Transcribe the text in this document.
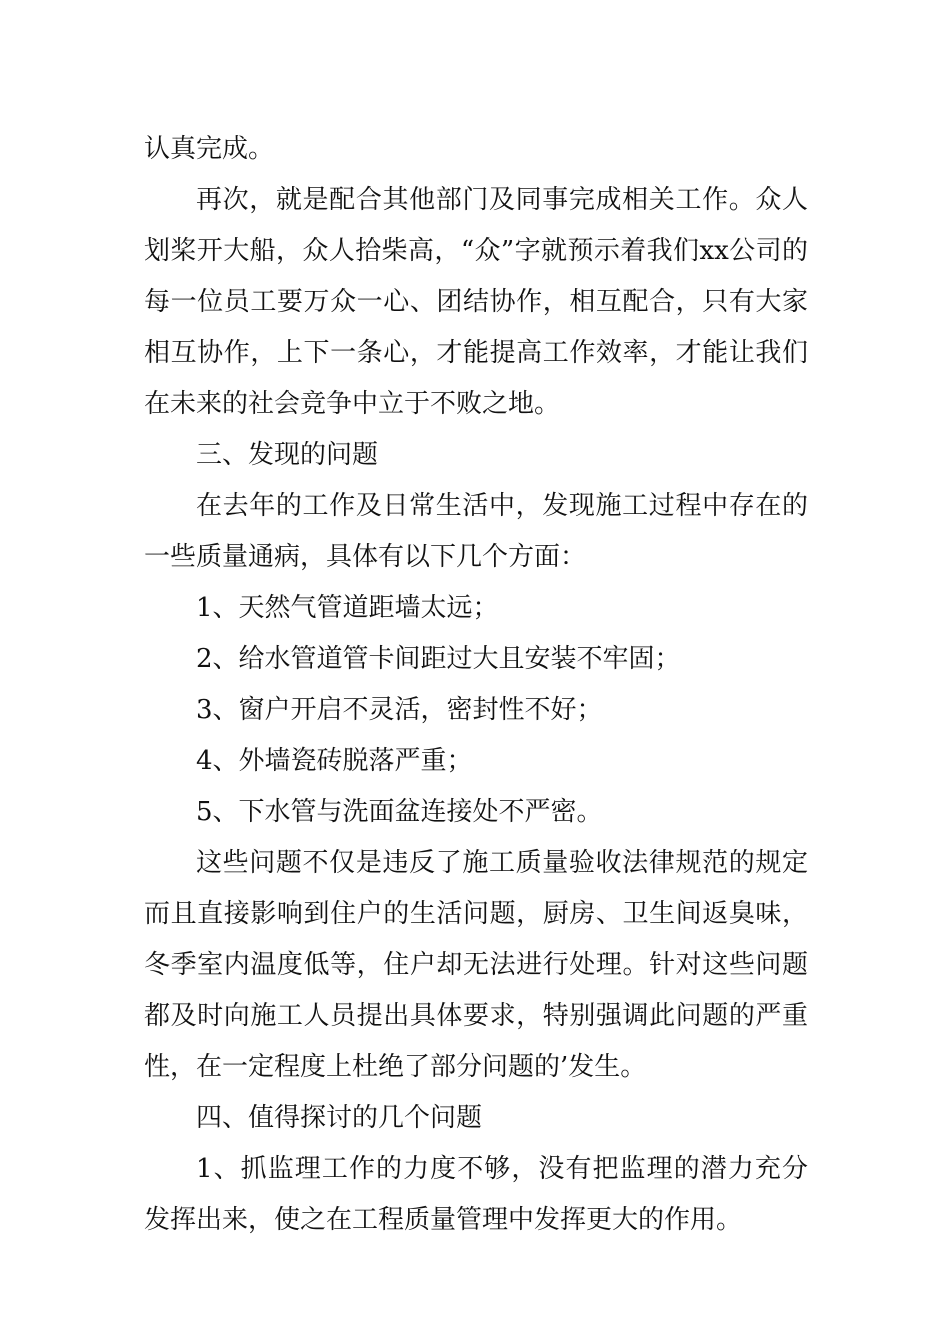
认真完成。

再次，就是配合其他部门及同事完成相关工作。众人划桨开大船，众人拾柴高，“众”字就预示着我们xx公司的每一位员工要万众一心、团结协作，相互配合，只有大家相互协作，上下一条心，才能提高工作效率，才能让我们在未来的社会竞争中立于不败之地。

三、发现的问题

在去年的工作及日常生活中，发现施工过程中存在的一些质量通病，具体有以下几个方面：

1、天然气管道距墙太远；

2、给水管道管卡间距过大且安装不牢固；

3、窗户开启不灵活，密封性不好；

4、外墙瓷砖脱落严重；

5、下水管与洗面盆连接处不严密。

这些问题不仅是违反了施工质量验收法律规范的规定而且直接影响到住户的生活问题，厨房、卫生间返臭味，冬季室内温度低等，住户却无法进行处理。针对这些问题都及时向施工人员提出具体要求，特别强调此问题的严重性，在一定程度上杜绝了部分问题的’发生。

四、值得探讨的几个问题

1、抓监理工作的力度不够，没有把监理的潜力充分发挥出来，使之在工程质量管理中发挥更大的作用。
